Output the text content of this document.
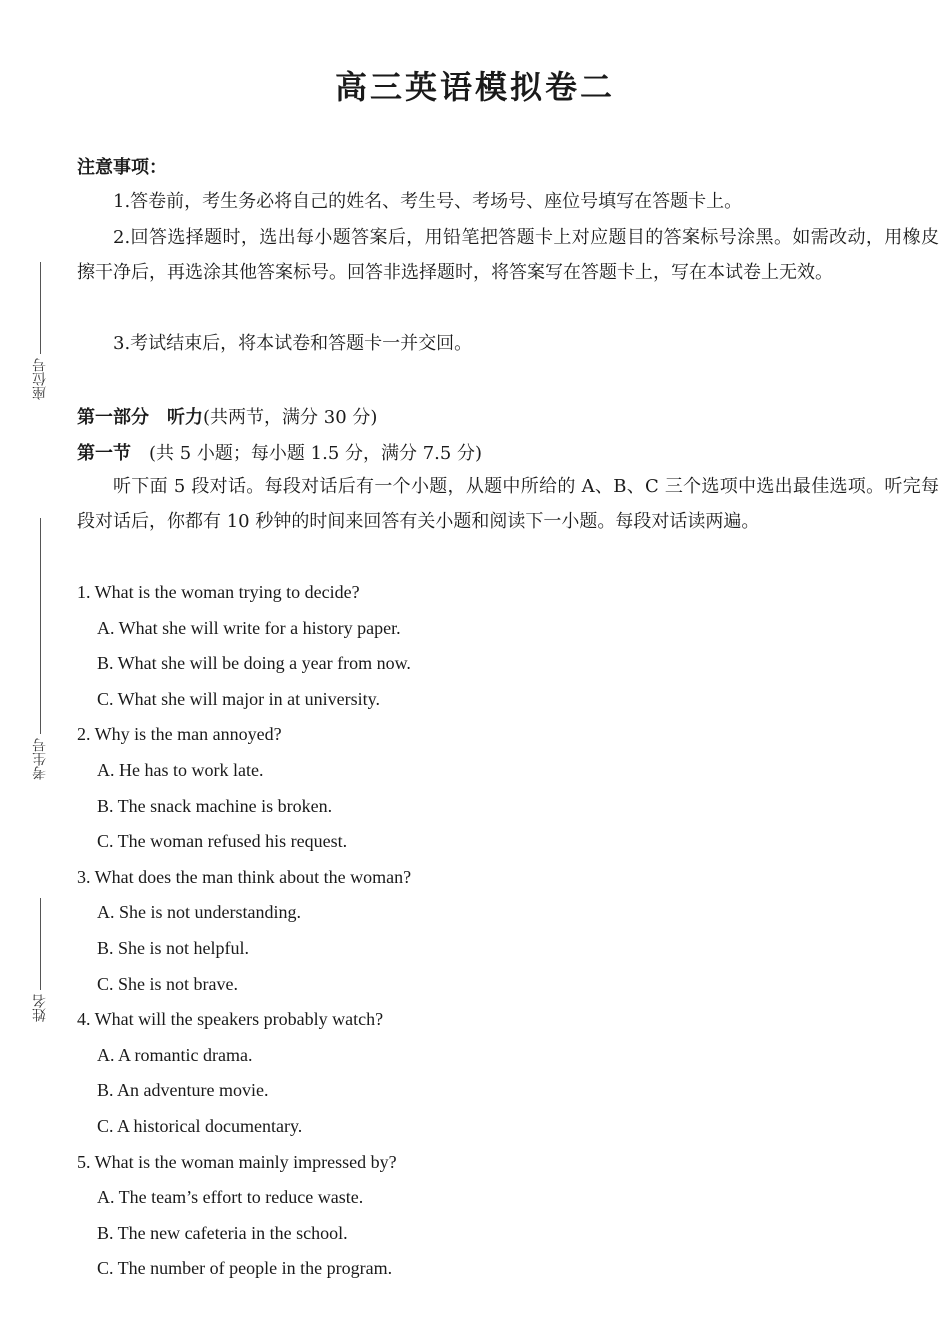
座位号
考生号
姓名
高三英语模拟卷二
注意事项：
1.答卷前，考生务必将自己的姓名、考生号、考场号、座位号填写在答题卡上。
2.回答选择题时，选出每小题答案后，用铅笔把答题卡上对应题目的答案标号涂黑。如需改动，用橡皮擦干净后，再选涂其他答案标号。回答非选择题时，将答案写在答题卡上，写在本试卷上无效。
3.考试结束后，将本试卷和答题卡一并交回。
第一部分　听力(共两节，满分 30 分)
第一节 (共 5 小题；每小题 1.5 分，满分 7.5 分)
听下面 5 段对话。每段对话后有一个小题，从题中所给的 A、B、C 三个选项中选出最佳选项。听完每段对话后，你都有 10 秒钟的时间来回答有关小题和阅读下一小题。每段对话读两遍。
1. What is the woman trying to decide?
A. What she will write for a history paper.
B. What she will be doing a year from now.
C. What she will major in at university.
2. Why is the man annoyed?
A. He has to work late.
B. The snack machine is broken.
C. The woman refused his request.
3. What does the man think about the woman?
A. She is not understanding.
B. She is not helpful.
C. She is not brave.
4. What will the speakers probably watch?
A. A romantic drama.
B. An adventure movie.
C. A historical documentary.
5. What is the woman mainly impressed by?
A. The team’s effort to reduce waste.
B. The new cafeteria in the school.
C. The number of people in the program.
